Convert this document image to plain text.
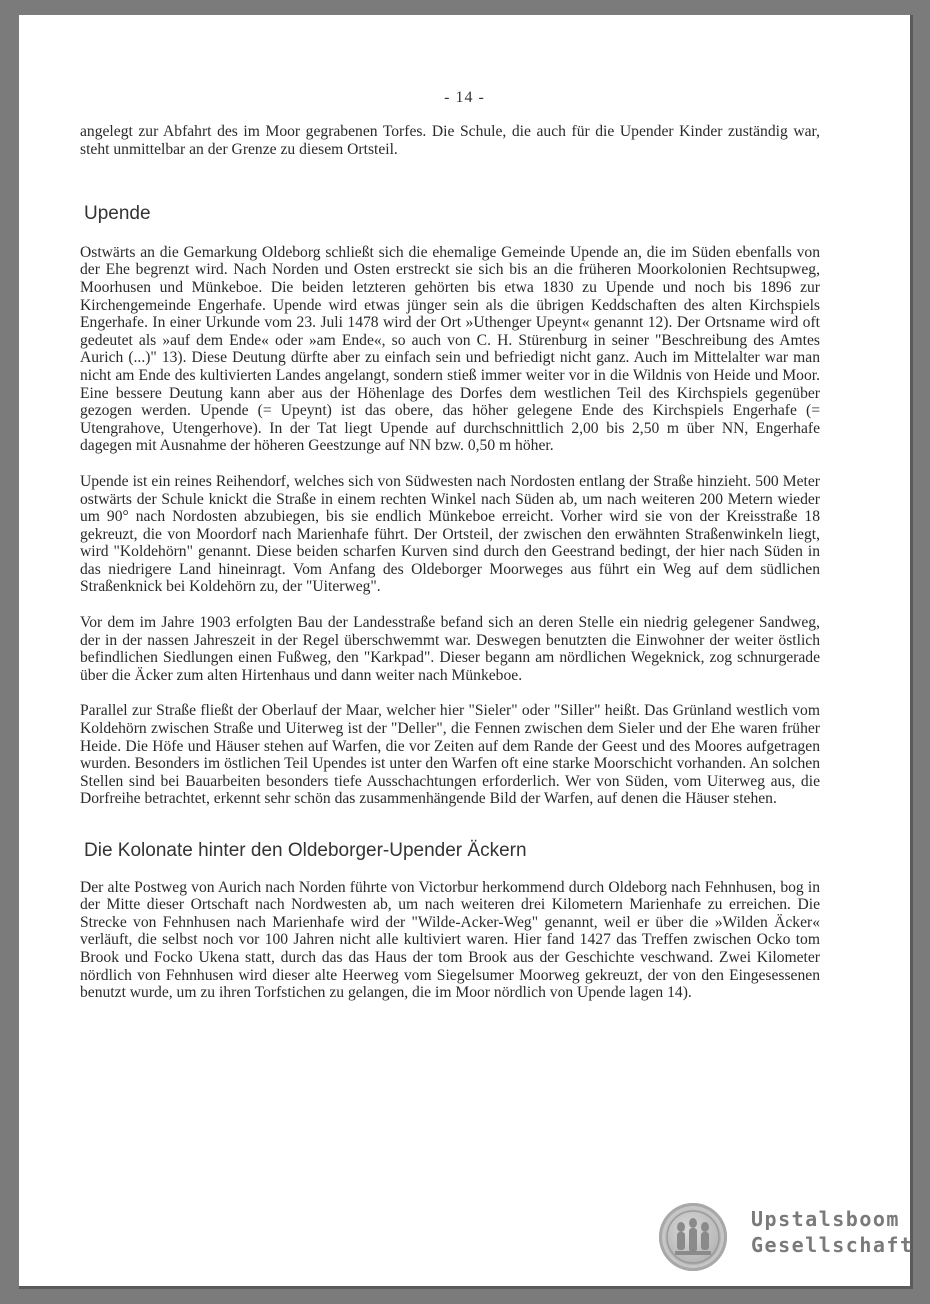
- 14 -

angelegt zur Abfahrt des im Moor gegrabenen Torfes. Die Schule, die auch für die Upender Kinder zuständig war, steht unmittelbar an der Grenze zu diesem Ortsteil.

Upende

Ostwärts an die Gemarkung Oldeborg schließt sich die ehemalige Gemeinde Upende an, die im Süden ebenfalls von der Ehe begrenzt wird. Nach Norden und Osten erstreckt sie sich bis an die früheren Moorkolonien Rechtsupweg, Moorhusen und Münkeboe. Die beiden letzteren gehörten bis etwa 1830 zu Upende und noch bis 1896 zur Kirchengemeinde Engerhafe. Upende wird etwas jünger sein als die übrigen Keddschaften des alten Kirchspiels Engerhafe. In einer Urkunde vom 23. Juli 1478 wird der Ort »Uthenger Upeynt« genannt 12). Der Ortsname wird oft gedeutet als »auf dem Ende« oder »am Ende«, so auch von C. H. Stürenburg in seiner "Beschreibung des Amtes Aurich (...)" 13). Diese Deutung dürfte aber zu einfach sein und befriedigt nicht ganz. Auch im Mittelalter war man nicht am Ende des kultivierten Landes angelangt, sondern stieß immer weiter vor in die Wildnis von Heide und Moor. Eine bessere Deutung kann aber aus der Höhenlage des Dorfes dem westlichen Teil des Kirchspiels gegenüber gezogen werden. Upende (= Upeynt) ist das obere, das höher gelegene Ende des Kirchspiels Engerhafe (= Utengrahove, Utengerhove). In der Tat liegt Upende auf durchschnittlich 2,00 bis 2,50 m über NN, Engerhafe dagegen mit Ausnahme der höheren Geestzunge auf NN bzw. 0,50 m höher.

Upende ist ein reines Reihendorf, welches sich von Südwesten nach Nordosten entlang der Straße hinzieht. 500 Meter ostwärts der Schule knickt die Straße in einem rechten Winkel nach Süden ab, um nach weiteren 200 Metern wieder um 90° nach Nordosten abzubiegen, bis sie endlich Münkeboe erreicht. Vorher wird sie von der Kreisstraße 18 gekreuzt, die von Moordorf nach Marienhafe führt. Der Ortsteil, der zwischen den erwähnten Straßenwinkeln liegt, wird "Koldehörn" genannt. Diese beiden scharfen Kurven sind durch den Geestrand bedingt, der hier nach Süden in das niedrigere Land hineinragt. Vom Anfang des Oldeborger Moorweges aus führt ein Weg auf dem südlichen Straßenknick bei Koldehörn zu, der "Uiterweg".

Vor dem im Jahre 1903 erfolgten Bau der Landesstraße befand sich an deren Stelle ein niedrig gelegener Sandweg, der in der nassen Jahreszeit in der Regel überschwemmt war. Deswegen benutzten die Einwohner der weiter östlich befindlichen Siedlungen einen Fußweg, den "Karkpad". Dieser begann am nördlichen Wegeknick, zog schnurgerade über die Äcker zum alten Hirtenhaus und dann weiter nach Münkeboe.

Parallel zur Straße fließt der Oberlauf der Maar, welcher hier "Sieler" oder "Siller" heißt. Das Grünland westlich vom Koldehörn zwischen Straße und Uiterweg ist der "Deller", die Fennen zwischen dem Sieler und der Ehe waren früher Heide. Die Höfe und Häuser stehen auf Warfen, die vor Zeiten auf dem Rande der Geest und des Moores aufgetragen wurden. Besonders im östlichen Teil Upendes ist unter den Warfen oft eine starke Moorschicht vorhanden. An solchen Stellen sind bei Bauarbeiten besonders tiefe Ausschachtungen erforderlich. Wer von Süden, vom Uiterweg aus, die Dorfreihe betrachtet, erkennt sehr schön das zusammenhängende Bild der Warfen, auf denen die Häuser stehen.

Die Kolonate hinter den Oldeborger-Upender Äckern

Der alte Postweg von Aurich nach Norden führte von Victorbur herkommend durch Oldeborg nach Fehnhusen, bog in der Mitte dieser Ortschaft nach Nordwesten ab, um nach weiteren drei Kilometern Marienhafe zu erreichen. Die Strecke von Fehnhusen nach Marienhafe wird der "Wilde-Acker-Weg" genannt, weil er über die »Wilden Äcker« verläuft, die selbst noch vor 100 Jahren nicht alle kultiviert waren. Hier fand 1427 das Treffen zwischen Ocko tom Brook und Focko Ukena statt, durch das das Haus der tom Brook aus der Geschichte veschwand. Zwei Kilometer nördlich von Fehnhusen wird dieser alte Heerweg vom Siegelsumer Moorweg gekreuzt, der von den Eingesessenen benutzt wurde, um zu ihren Torfstichen zu gelangen, die im Moor nördlich von Upende lagen 14).

Upstalsboom
Gesellschaft
